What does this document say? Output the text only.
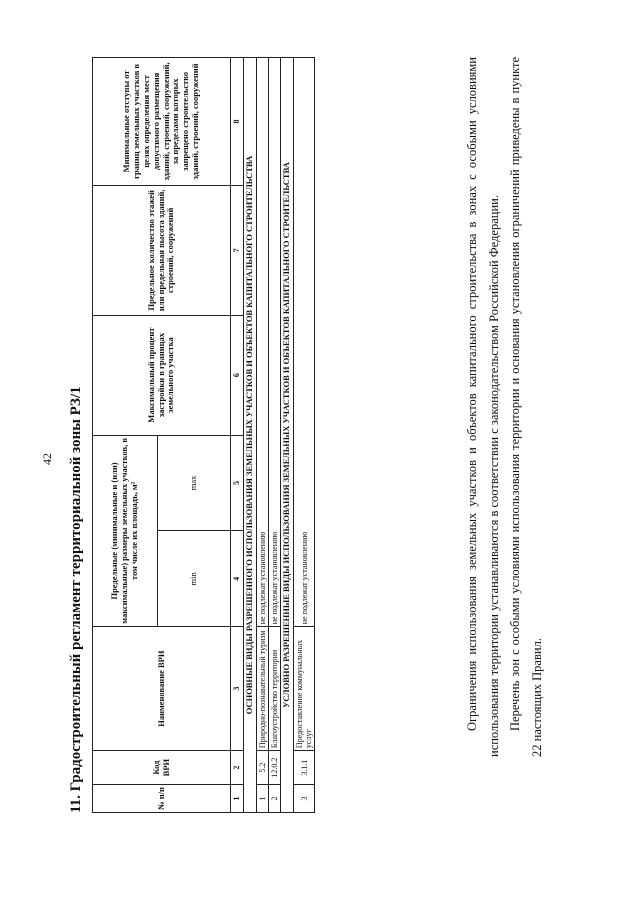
42 11. Градостроительный регламент территориальной зоны РЗ/1	№ п/п	Код ВРИ	Наименование ВРИ	Предельные (минимальные и (или) максимальные) размеры земельных участков, в том числе их площадь, м²		Максимальный процент застройки в границах земельного участка	Предельное количество этажей или предельная высота зданий, строений, сооружений	Минимальные отступы от границ земельных участков в целях определения мест допустимого размещения зданий, строений, сооружений, за пределами которых запрещено строительство зданий, строений, сооружений
			min	max			
1	2	3	4	5	6	7	8
ОСНОВНЫЕ ВИДЫ РАЗРЕШЕННОГО ИСПОЛЬЗОВАНИЯ ЗЕМЕЛЬНЫХ УЧАСТКОВ И ОБЪЕКТОВ КАПИТАЛЬНОГО СТРОИТЕЛЬСТВА							
1	5.2	Природно-познавательный туризм	не подлежат установлению				
2	12.0.2	Благоустройство территории	не подлежат установлению				
УСЛОВНО РАЗРЕШЕННЫЕ ВИДЫ ИСПОЛЬЗОВАНИЯ ЗЕМЕЛЬНЫХ УЧАСТКОВ И ОБЪЕКТОВ КАПИТАЛЬНОГО СТРОИТЕЛЬСТВА							
3	3.1.1	Предоставление коммунальных услуг	не подлежат установлению					Ограничения использования земельных участков и объектов капитального строительства в зонах с особыми условиями использования территории устанавливаются в соответствии с законодательством Российской Федерации. Перечень зон с особыми условиями использования территории и основания установления ограничений приведены в пункте 22 настоящих Правил.
